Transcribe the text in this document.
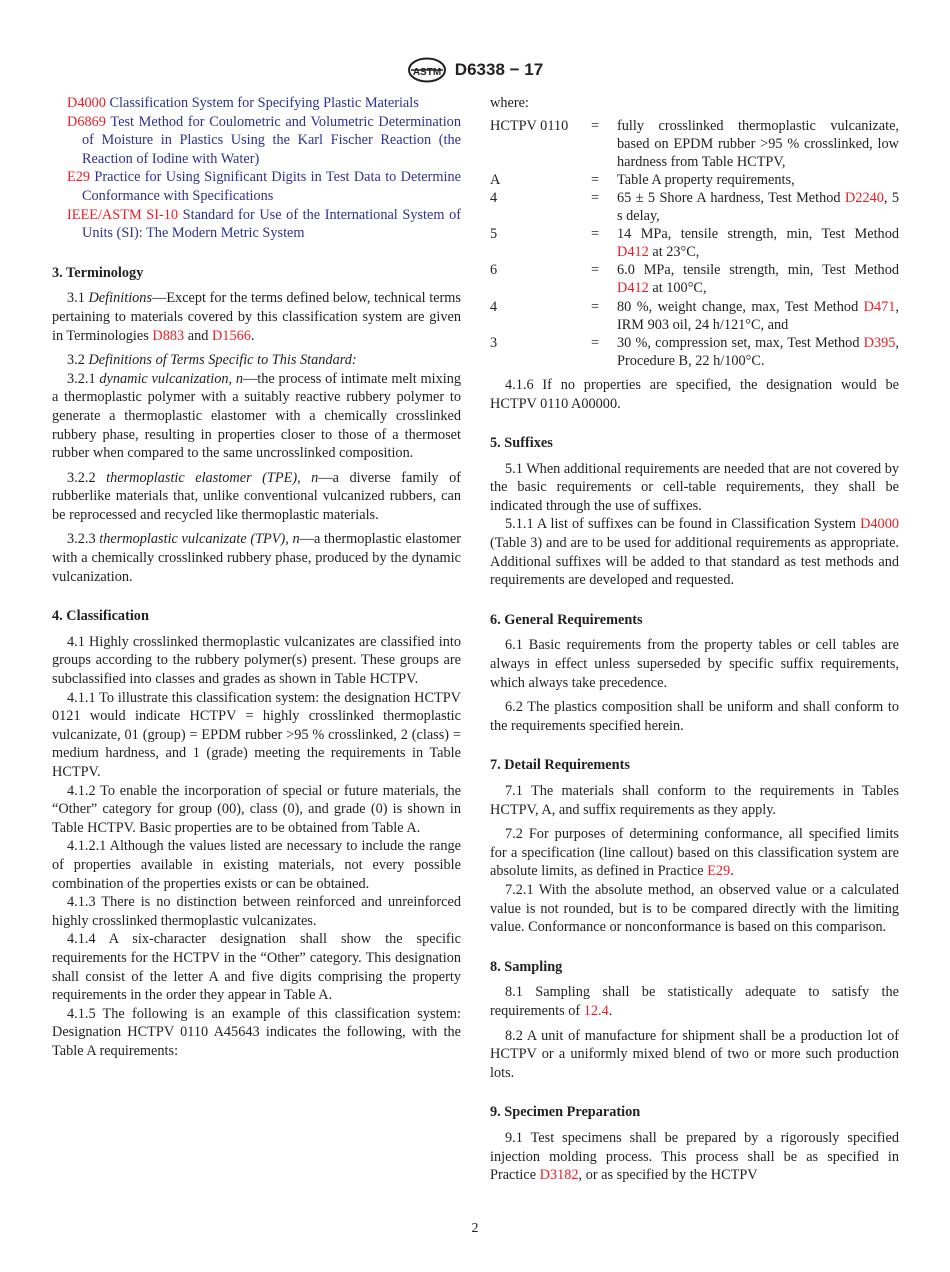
ASTM D6338 − 17

D4000 Classification System for Specifying Plastic Materials

D6869 Test Method for Coulometric and Volumetric Determination of Moisture in Plastics Using the Karl Fischer Reaction (the Reaction of Iodine with Water)

E29 Practice for Using Significant Digits in Test Data to Determine Conformance with Specifications

IEEE/ASTM SI-10 Standard for Use of the International System of Units (SI): The Modern Metric System

3. Terminology

3.1 Definitions—Except for the terms defined below, technical terms pertaining to materials covered by this classification system are given in Terminologies D883 and D1566.

3.2 Definitions of Terms Specific to This Standard:

3.2.1 dynamic vulcanization, n—the process of intimate melt mixing a thermoplastic polymer with a suitably reactive rubbery polymer to generate a thermoplastic elastomer with a chemically crosslinked rubbery phase, resulting in properties closer to those of a thermoset rubber when compared to the same uncrosslinked composition.

3.2.2 thermoplastic elastomer (TPE), n—a diverse family of rubberlike materials that, unlike conventional vulcanized rubbers, can be reprocessed and recycled like thermoplastic materials.

3.2.3 thermoplastic vulcanizate (TPV), n—a thermoplastic elastomer with a chemically crosslinked rubbery phase, produced by the dynamic vulcanization.

4. Classification

4.1 Highly crosslinked thermoplastic vulcanizates are classified into groups according to the rubbery polymer(s) present. These groups are subclassified into classes and grades as shown in Table HCTPV.

4.1.1 To illustrate this classification system: the designation HCTPV 0121 would indicate HCTPV = highly crosslinked thermoplastic vulcanizate, 01 (group) = EPDM rubber >95 % crosslinked, 2 (class) = medium hardness, and 1 (grade) meeting the requirements in Table HCTPV.

4.1.2 To enable the incorporation of special or future materials, the “Other” category for group (00), class (0), and grade (0) is shown in Table HCTPV. Basic properties are to be obtained from Table A.

4.1.2.1 Although the values listed are necessary to include the range of properties available in existing materials, not every possible combination of the properties exists or can be obtained.

4.1.3 There is no distinction between reinforced and unreinforced highly crosslinked thermoplastic vulcanizates.

4.1.4 A six-character designation shall show the specific requirements for the HCTPV in the “Other” category. This designation shall consist of the letter A and five digits comprising the property requirements in the order they appear in Table A.

4.1.5 The following is an example of this classification system: Designation HCTPV 0110 A45643 indicates the following, with the Table A requirements:

where:

HCTPV 0110	=	fully crosslinked thermoplastic vulcanizate, based on EPDM rubber >95 % crosslinked, low hardness from Table HCTPV,
A	=	Table A property requirements,
4	=	65 ± 5 Shore A hardness, Test Method D2240, 5 s delay,
5	=	14 MPa, tensile strength, min, Test Method D412 at 23°C,
6	=	6.0 MPa, tensile strength, min, Test Method D412 at 100°C,
4	=	80 %, weight change, max, Test Method D471, IRM 903 oil, 24 h/121°C, and
3	=	30 %, compression set, max, Test Method D395, Procedure B, 22 h/100°C.

4.1.6 If no properties are specified, the designation would be HCTPV 0110 A00000.

5. Suffixes

5.1 When additional requirements are needed that are not covered by the basic requirements or cell-table requirements, they shall be indicated through the use of suffixes.

5.1.1 A list of suffixes can be found in Classification System D4000 (Table 3) and are to be used for additional requirements as appropriate. Additional suffixes will be added to that standard as test methods and requirements are developed and requested.

6. General Requirements

6.1 Basic requirements from the property tables or cell tables are always in effect unless superseded by specific suffix requirements, which always take precedence.

6.2 The plastics composition shall be uniform and shall conform to the requirements specified herein.

7. Detail Requirements

7.1 The materials shall conform to the requirements in Tables HCTPV, A, and suffix requirements as they apply.

7.2 For purposes of determining conformance, all specified limits for a specification (line callout) based on this classification system are absolute limits, as defined in Practice E29.

7.2.1 With the absolute method, an observed value or a calculated value is not rounded, but is to be compared directly with the limiting value. Conformance or nonconformance is based on this comparison.

8. Sampling

8.1 Sampling shall be statistically adequate to satisfy the requirements of 12.4.

8.2 A unit of manufacture for shipment shall be a production lot of HCTPV or a uniformly mixed blend of two or more such production lots.

9. Specimen Preparation

9.1 Test specimens shall be prepared by a rigorously specified injection molding process. This process shall be as specified in Practice D3182, or as specified by the HCTPV

2
